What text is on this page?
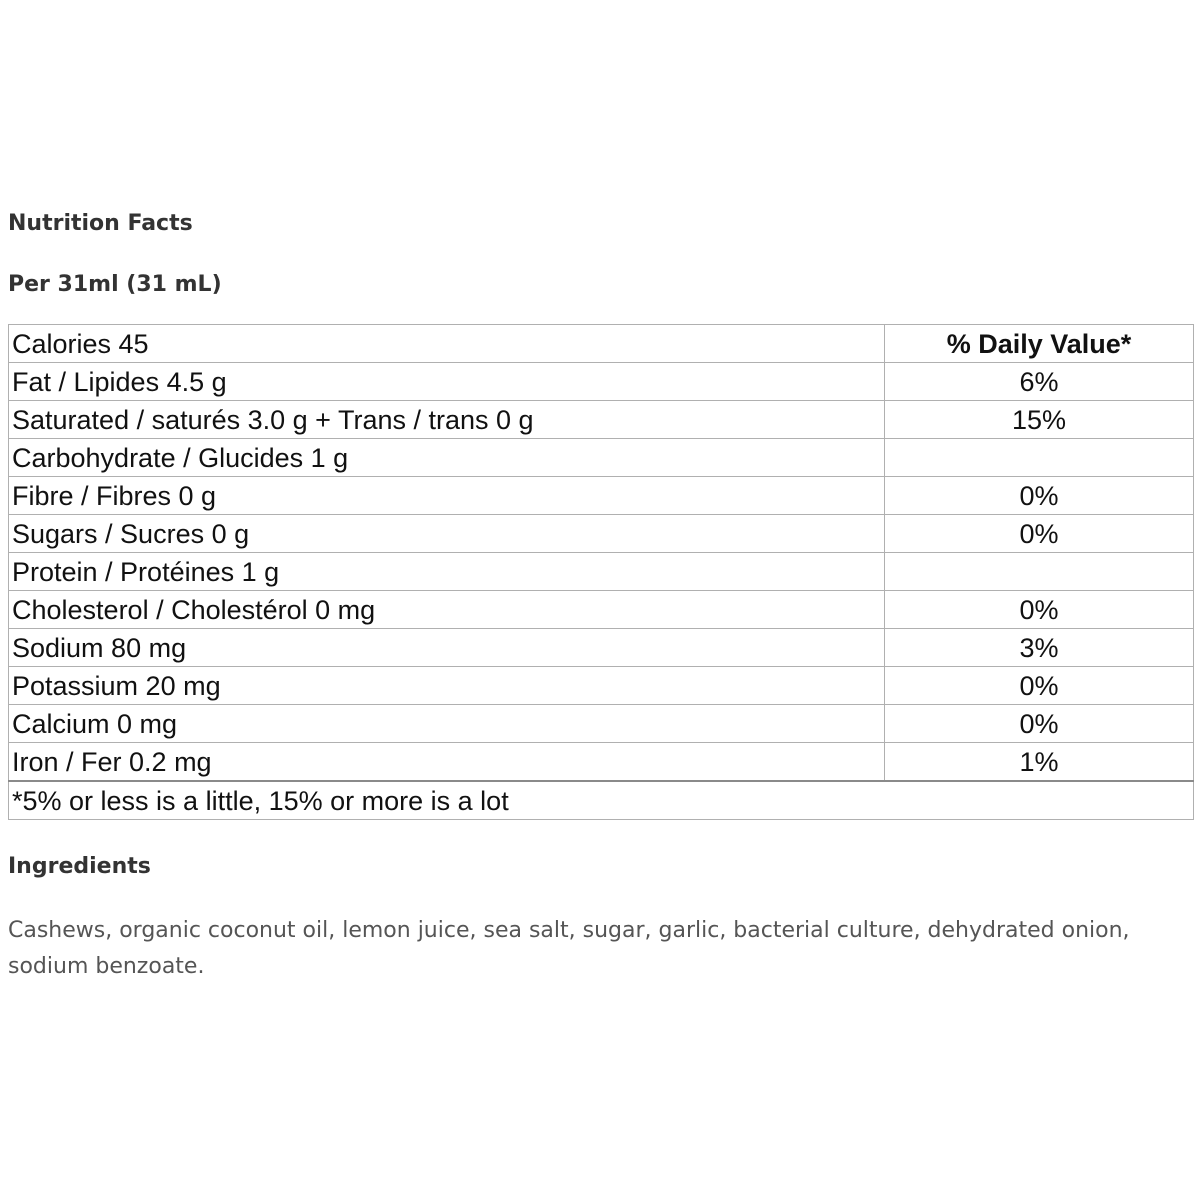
Nutrition Facts
Per 31ml (31 mL)
Calories 45	% Daily Value*
Fat / Lipides 4.5 g	6%
Saturated / saturés 3.0 g + Trans / trans 0 g	15%
Carbohydrate / Glucides 1 g	
Fibre / Fibres 0 g	0%
Sugars / Sucres 0 g	0%
Protein / Protéines 1 g	
Cholesterol / Cholestérol 0 mg	0%
Sodium 80 mg	3%
Potassium 20 mg	0%
Calcium 0 mg	0%
Iron / Fer 0.2 mg	1%
*5% or less is a little, 15% or more is a lot	
Ingredients
Cashews, organic coconut oil, lemon juice, sea salt, sugar, garlic, bacterial culture, dehydrated onion, sodium benzoate.
